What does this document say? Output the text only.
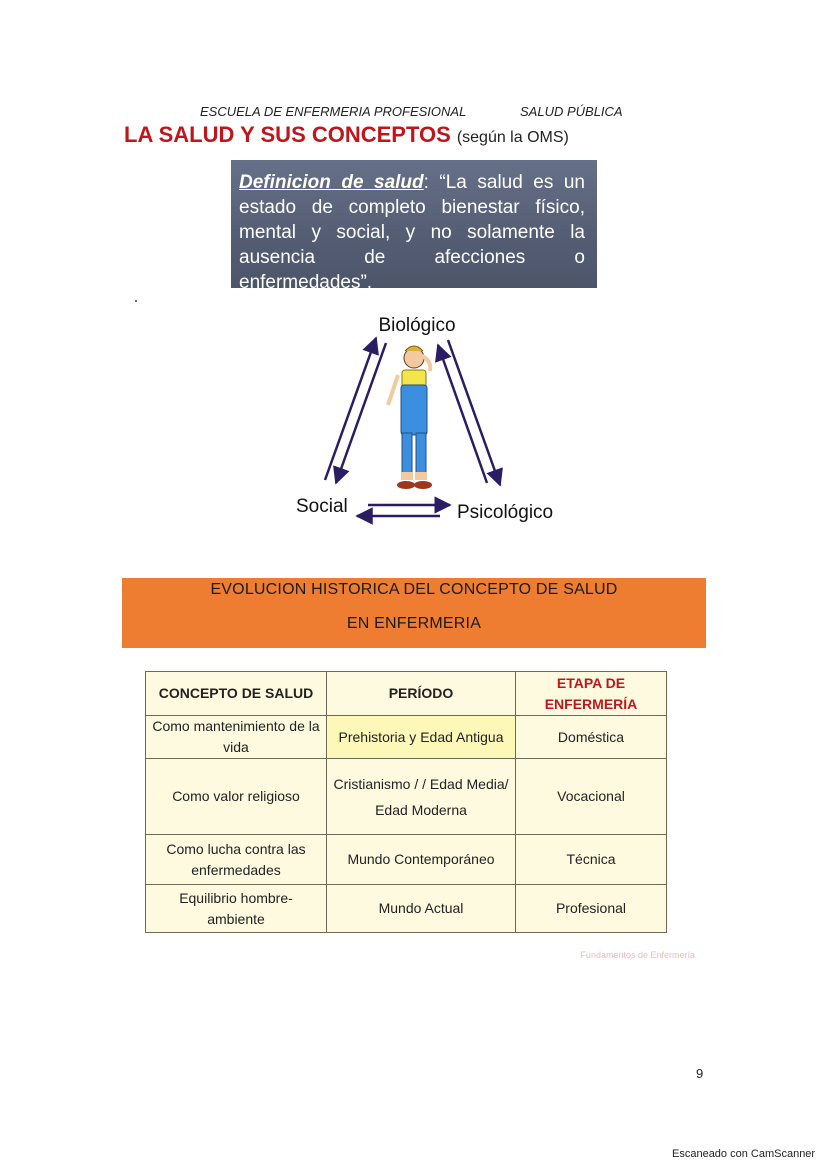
ESCUELA DE ENFERMERIA PROFESIONAL	SALUD PÚBLICA
LA SALUD Y SUS CONCEPTOS (según la OMS)
Definicion de salud: “La salud es un estado de completo bienestar físico, mental y social, y no solamente la ausencia de afecciones o enfermedades”.
Biológico
Social	Psicológico
EVOLUCION HISTORICA DEL CONCEPTO DE SALUD
EN ENFERMERIA
CONCEPTO DE SALUD	PERÍODO	ETAPA DE ENFERMERÍA
Como mantenimiento de la vida	Prehistoria y Edad Antigua	Doméstica
Como valor religioso	Cristianismo / / Edad Media/ Edad Moderna	Vocacional
Como lucha contra las enfermedades	Mundo Contemporáneo	Técnica
Equilibrio hombre- ambiente	Mundo Actual	Profesional
Fundamentos de Enfermería
9
Escaneado con CamScanner
